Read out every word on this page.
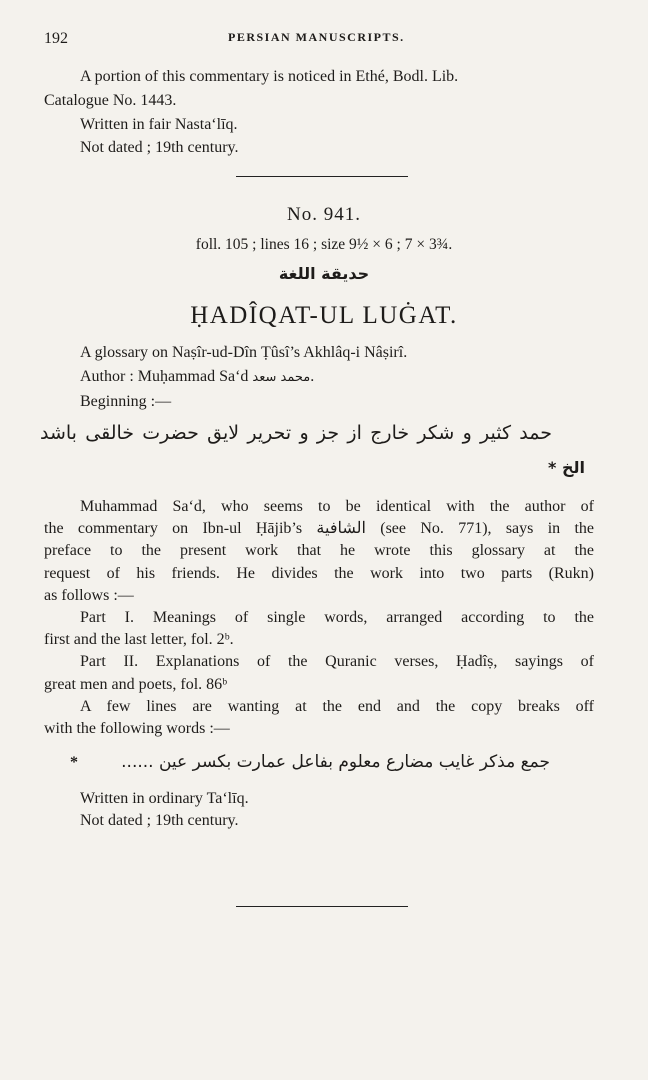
192	PERSIAN MANUSCRIPTS.
A portion of this commentary is noticed in Ethé, Bodl. Lib.
Catalogue No. 1443.
Written in fair Nasta‘līq.
Not dated ; 19th century.
No. 941.
foll. 105 ; lines 16 ; size 9½ × 6 ; 7 × 3¾.
حديقة اللغة
ḤADÎQAT-UL LUĠAT.
A glossary on Naṣîr-ud-Dîn Ṭûsî’s Akhlâq-i Nâṣirî.
Author : Muḥammad Sa‘d محمد سعد.
Beginning :—
حمد کثیر و شکر خارج از جز و تحریر لایق حضرت خالقی باشد
الخ *
Muhammad Sa‘d, who seems to be identical with the author of
the commentary on Ibn-ul Ḥājib’s الشافية (see No. 771), says in the
preface to the present work that he wrote this glossary at the
request of his friends. He divides the work into two parts (Rukn)
as follows :—
Part I. Meanings of single words, arranged according to the
first and the last letter, fol. 2ᵇ.
Part II. Explanations of the Quranic verses, Ḥadîṣ, sayings of
great men and poets, fol. 86ᵇ
A few lines are wanting at the end and the copy breaks off
with the following words :—
جمع مذکر غایب مضارع معلوم بفاعل عمارت بکسر عین ......
*
Written in ordinary Ta‘līq.
Not dated ; 19th century.
